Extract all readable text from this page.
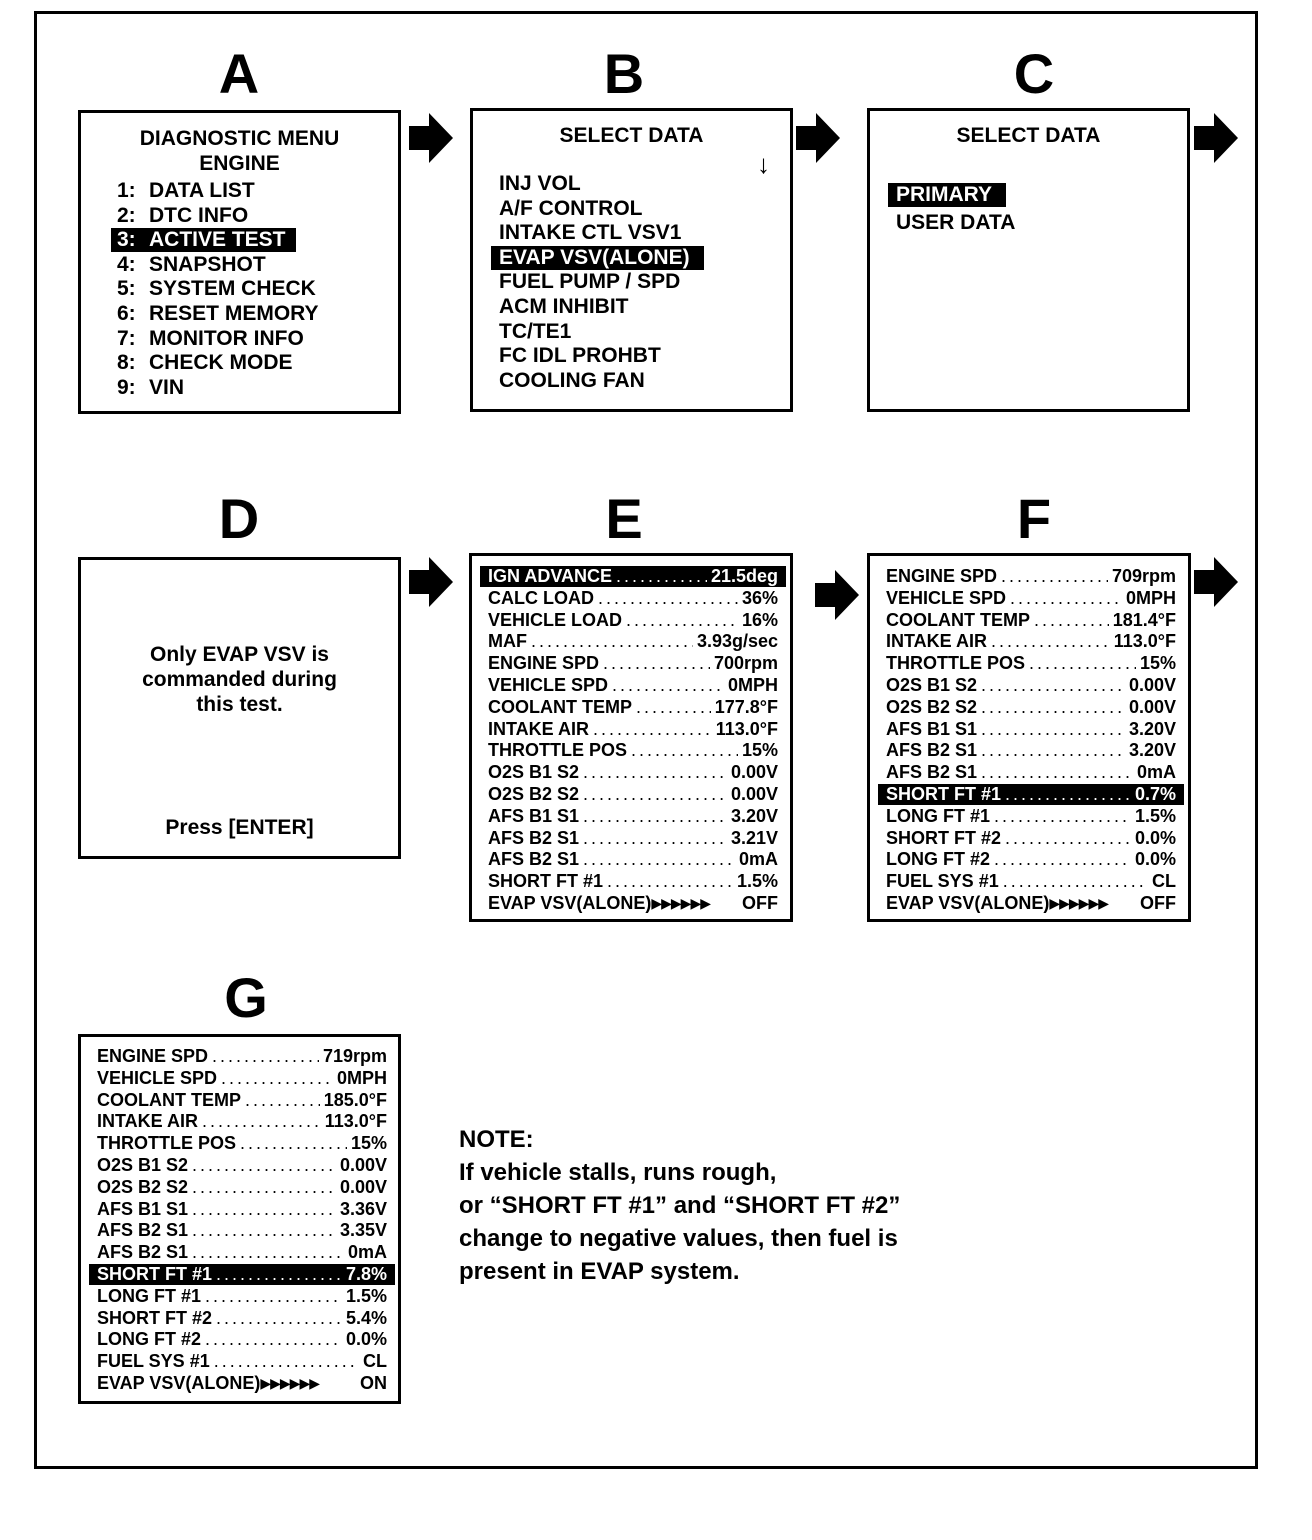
A	B	C
D	E	F
G
DIAGNOSTIC MENU
ENGINE
1: DATA LIST
2: DTC INFO
3: ACTIVE TEST
4: SNAPSHOT
5: SYSTEM CHECK
6: RESET MEMORY
7: MONITOR INFO
8: CHECK MODE
9: VIN
SELECT DATA
↓
INJ VOL
A/F CONTROL
INTAKE CTL VSV1
EVAP VSV(ALONE)
FUEL PUMP / SPD
ACM INHIBIT
TC/TE1
FC IDL PROHBT
COOLING FAN
SELECT DATA
PRIMARY
USER DATA
Only EVAP VSV is
commanded during
this test.
Press [ENTER]
IGN ADVANCE .....	21.5deg
CALC LOAD .....	36%
VEHICLE LOAD .....	16%
MAF .....	3.93g/sec
ENGINE SPD .....	700rpm
VEHICLE SPD .....	0MPH
COOLANT TEMP .....	177.8°F
INTAKE AIR .....	113.0°F
THROTTLE POS .....	15%
O2S B1 S2 .....	0.00V
O2S B2 S2 .....	0.00V
AFS B1 S1 .....	3.20V
AFS B2 S1 .....	3.21V
AFS B2 S1 .....	0mA
SHORT FT #1 .....	1.5%
EVAP VSV(ALONE) ▶▶▶▶▶▶ OFF
ENGINE SPD .....	709rpm
VEHICLE SPD .....	0MPH
COOLANT TEMP .....	181.4°F
INTAKE AIR .....	113.0°F
THROTTLE POS .....	15%
O2S B1 S2 .....	0.00V
O2S B2 S2 .....	0.00V
AFS B1 S1 .....	3.20V
AFS B2 S1 .....	3.20V
AFS B2 S1 .....	0mA
SHORT FT #1 .....	0.7%
LONG FT #1 .....	1.5%
SHORT FT #2 .....	0.0%
LONG FT #2 .....	0.0%
FUEL SYS #1 .....	CL
EVAP VSV(ALONE) ▶▶▶▶▶▶ OFF
ENGINE SPD .....	719rpm
VEHICLE SPD .....	0MPH
COOLANT TEMP .....	185.0°F
INTAKE AIR .....	113.0°F
THROTTLE POS .....	15%
O2S B1 S2 .....	0.00V
O2S B2 S2 .....	0.00V
AFS B1 S1 .....	3.36V
AFS B2 S1 .....	3.35V
AFS B2 S1 .....	0mA
SHORT FT #1 .....	7.8%
LONG FT #1 .....	1.5%
SHORT FT #2 .....	5.4%
LONG FT #2 .....	0.0%
FUEL SYS #1 .....	CL
EVAP VSV(ALONE) ▶▶▶▶▶▶ ON
NOTE:
If vehicle stalls, runs rough,
or “SHORT FT #1” and “SHORT FT #2”
change to negative values, then fuel is
present in EVAP system.
